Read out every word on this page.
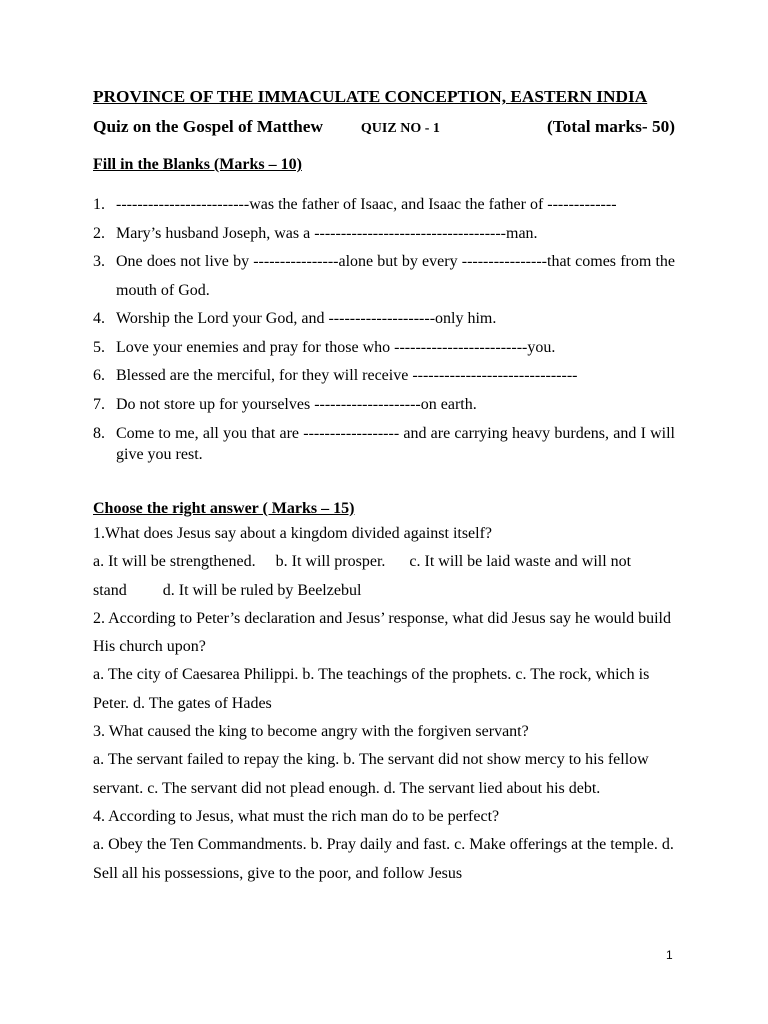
PROVINCE OF THE IMMACULATE CONCEPTION, EASTERN INDIA

Quiz on the Gospel of Matthew	QUIZ NO - 1	(Total marks- 50)

Fill in the Blanks (Marks – 10)

1. -------------------------was the father of Isaac, and Isaac the father of -------------
2. Mary’s husband Joseph, was a ------------------------------------man.
3. One does not live by ----------------alone but by every ----------------that comes from the mouth of God.
4. Worship the Lord your God, and --------------------only him.
5. Love your enemies and pray for those who -------------------------you.
6. Blessed are the merciful, for they will receive -------------------------------
7. Do not store up for yourselves --------------------on earth.
8. Come to me, all you that are ------------------ and are carrying heavy burdens, and I will give you rest.

Choose the right answer ( Marks – 15)

1.What does Jesus say about a kingdom divided against itself?

a. It will be strengthened.     b. It will prosper.      c. It will be laid waste and will not stand         d. It will be ruled by Beelzebul

2. According to Peter’s declaration and Jesus’ response, what did Jesus say he would build His church upon?

a. The city of Caesarea Philippi. b. The teachings of the prophets. c. The rock, which is Peter. d. The gates of Hades

3. What caused the king to become angry with the forgiven servant?

a. The servant failed to repay the king. b. The servant did not show mercy to his fellow servant. c. The servant did not plead enough. d. The servant lied about his debt.

4. According to Jesus, what must the rich man do to be perfect?

a. Obey the Ten Commandments. b. Pray daily and fast. c. Make offerings at the temple. d. Sell all his possessions, give to the poor, and follow Jesus

1
